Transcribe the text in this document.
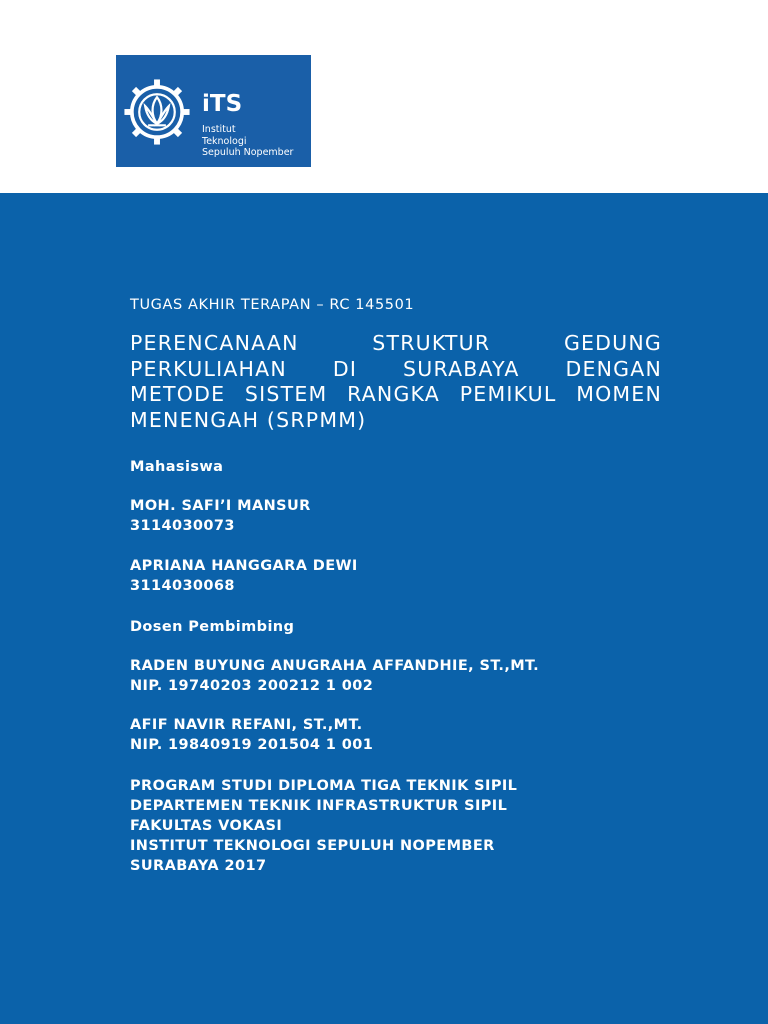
iTS
Institut
Teknologi
Sepuluh Nopember
TUGAS AKHIR TERAPAN – RC 145501
PERENCANAAN STRUKTUR GEDUNG
PERKULIAHAN DI SURABAYA DENGAN
METODE SISTEM RANGKA PEMIKUL MOMEN
MENENGAH (SRPMM)
Mahasiswa
MOH. SAFI’I MANSUR
3114030073
APRIANA HANGGARA DEWI
3114030068
Dosen Pembimbing
RADEN BUYUNG ANUGRAHA AFFANDHIE, ST.,MT.
NIP. 19740203 200212 1 002
AFIF NAVIR REFANI, ST.,MT.
NIP. 19840919 201504 1 001
PROGRAM STUDI DIPLOMA TIGA TEKNIK SIPIL
DEPARTEMEN TEKNIK INFRASTRUKTUR SIPIL
FAKULTAS VOKASI
INSTITUT TEKNOLOGI SEPULUH NOPEMBER
SURABAYA 2017
